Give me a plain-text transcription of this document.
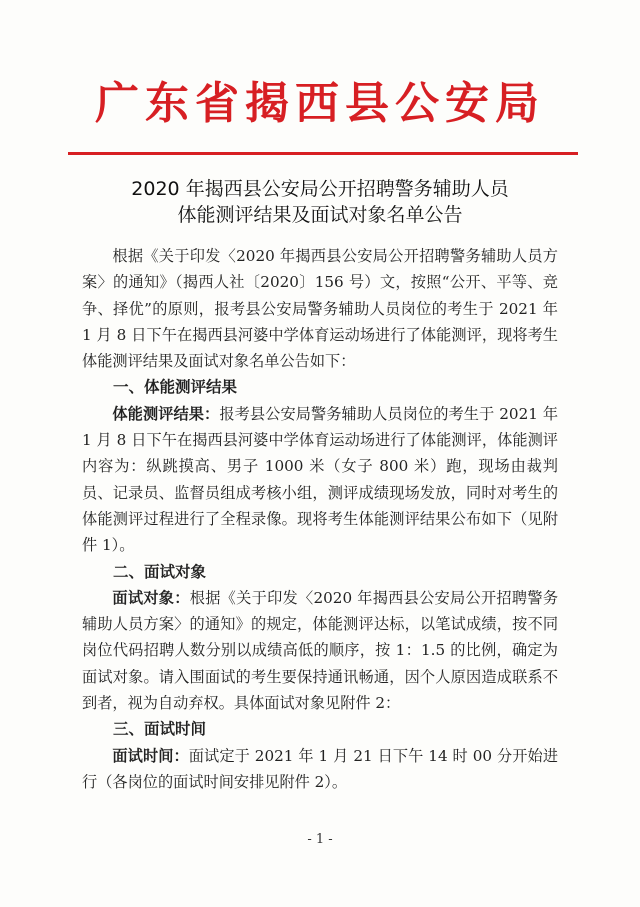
广东省揭西县公安局
2020 年揭西县公安局公开招聘警务辅助人员
体能测评结果及面试对象名单公告

根据《关于印发〈2020 年揭西县公安局公开招聘警务辅助人员方案〉的通知》（揭西人社〔2020〕156 号）文，按照“公开、平等、竞争、择优”的原则，报考县公安局警务辅助人员岗位的考生于 2021 年 1 月 8 日下午在揭西县河婆中学体育运动场进行了体能测评，现将考生体能测评结果及面试对象名单公告如下：

一、体能测评结果

体能测评结果：报考县公安局警务辅助人员岗位的考生于 2021 年 1 月 8 日下午在揭西县河婆中学体育运动场进行了体能测评，体能测评内容为：纵跳摸高、男子 1000 米（女子 800 米）跑，现场由裁判员、记录员、监督员组成考核小组，测评成绩现场发放，同时对考生的体能测评过程进行了全程录像。现将考生体能测评结果公布如下（见附件 1）。

二、面试对象

面试对象：根据《关于印发〈2020 年揭西县公安局公开招聘警务辅助人员方案〉的通知》的规定，体能测评达标，以笔试成绩，按不同岗位代码招聘人数分别以成绩高低的顺序，按 1：1.5 的比例，确定为面试对象。请入围面试的考生要保持通讯畅通，因个人原因造成联系不到者，视为自动弃权。具体面试对象见附件 2：

三、面试时间

面试时间：面试定于 2021 年 1 月 21 日下午 14 时 00 分开始进行（各岗位的面试时间安排见附件 2）。

- 1 -
